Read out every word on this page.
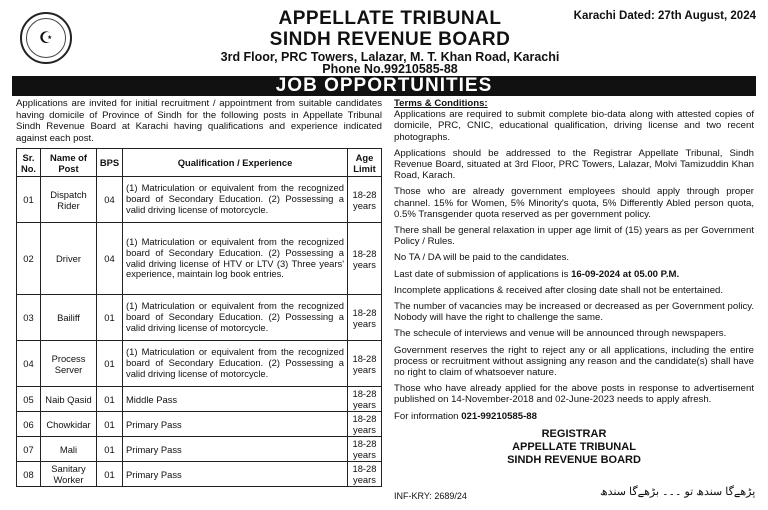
☪
APPELLATE TRIBUNAL
SINDH REVENUE BOARD
3rd Floor, PRC Towers, Lalazar, M. T. Khan Road, Karachi
Phone No.99210585-88
Karachi Dated: 27th August, 2024
JOB OPPORTUNITIES
Applications are invited for initial recruitment / appointment from suitable candidates having domicile of Province of Sindh for the following posts in Appellate Tribunal Sindh Revenue Board at Karachi having qualifications and experience indicated against each post.
Sr. No.	Name of Post	BPS	Qualification / Experience	Age Limit
01	Dispatch Rider	04	(1) Matriculation or equivalent from the recognized board of Secondary Education. (2) Possessing a valid driving license of motorcycle.	18-28 years
02	Driver	04	(1) Matriculation or equivalent from the recognized board of Secondary Education. (2) Possessing a valid driving license of HTV or LTV (3) Three years' experience, maintain log book entries.	18-28 years
03	Bailiff	01	(1) Matriculation or equivalent from the recognized board of Secondary Education. (2) Possessing a valid driving license of motorcycle.	18-28 years
04	Process Server	01	(1) Matriculation or equivalent from the recognized board of Secondary Education. (2) Possessing a valid driving license of motorcycle.	18-28 years
05	Naib Qasid	01	Middle Pass	18-28 years
06	Chowkidar	01	Primary Pass	18-28 years
07	Mali	01	Primary Pass	18-28 years
08	Sanitary Worker	01	Primary Pass	18-28 years
Terms & Conditions:
Applications are required to submit complete bio-data along with attested copies of domicile, PRC, CNIC, educational qualification, driving license and two recent photographs.
Applications should be addressed to the Registrar Appellate Tribunal, Sindh Revenue Board, situated at 3rd Floor, PRC Towers, Lalazar, Molvi Tamizuddin Khan Road, Karach.
Those who are already government employees should apply through proper channel. 15% for Women, 5% Minority's quota, 5% Differently Abled person quota, 0.5% Transgender quota reserved as per government policy.
There shall be general relaxation in upper age limit of (15) years as per Government Policy / Rules.
No TA / DA will be paid to the candidates.
Last date of submission of applications is 16-09-2024 at 05.00 P.M.
Incomplete applications & received after closing date shall not be entertained.
The number of vacancies may be increased or decreased as per Government policy. Nobody will have the right to challenge the same.
The schecule of interviews and venue will be announced through newspapers.
Government reserves the right to reject any or all applications, including the entire process or recruitment without assigning any reason and the candidate(s) shall have no right to claim of whatsoever nature.
Those who have already applied for the above posts in response to advertisement published on 14-November-2018 and 02-June-2023 needs to apply afresh.
For information 021-99210585-88
REGISTRAR
APPELLATE TRIBUNAL
SINDH REVENUE BOARD
INF-KRY: 2689/24	پڑھےگا سندھ تو ۔۔۔ بڑھےگا سندھ
